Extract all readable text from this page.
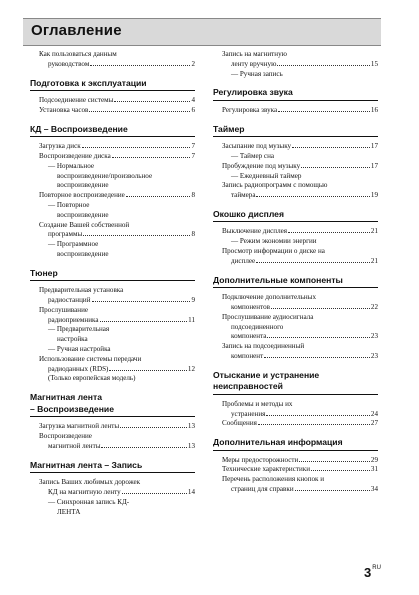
Оглавление
Как пользоваться данным
руководством	2
Подготовка к эксплуатации
Подсоединение системы	4
Установка часов	6
КД – Воспроизведение
Загрузка диск	7
Воспроизведение диска	7
— Нормальное
воспроизведение/произвольное
воспроизведение
Повторное воспроизведение	8
— Повторное
воспроизведение
Создание Вашей собственной
программы	8
— Программное
воспроизведение
Тюнер
Предварительная установка
радиостанций	9
Прослушивание
радиоприемника	11
— Предварительная
настройка
— Ручная настройка
Использование системы передачи
радиоданных (RDS)	12
(Только европейская модель)
Магнитная лента
– Воспроизведение
Загрузка магнитной ленты	13
Воспроизведение
магнитной ленты	13
Магнитная лента – Запись
Запись Ваших любимых дорожек
КД на магнитную ленту	14
— Синхронная запись КД-
ЛЕНТА
Запись на магнитную
ленту вручную	15
— Ручная запись
Регулировка звука
Регулировка звука	16
Таймер
Засыпание под музыку	17
— Таймер сна
Пробуждение под музыку	17
— Ежедневный таймер
Запись радиопрограмм с помощью
таймера	19
Окошко дисплея
Выключение дисплея	21
— Режим экономии энергии
Просмотр информации о диске на
дисплее	21
Дополнительные компоненты
Подключение дополнительных
компонентов	22
Прослушивание аудиосигнала
подсоединенного
компонента	23
Запись на подсоединенный
компонент	23
Отыскание и устранение
неисправностей
Проблемы и методы их
устранения	24
Сообщения	27
Дополнительная информация
Меры предосторожности	29
Технические характеристики	31
Перечень расположения кнопок и
страниц для справки	34
$3^{RU}$
